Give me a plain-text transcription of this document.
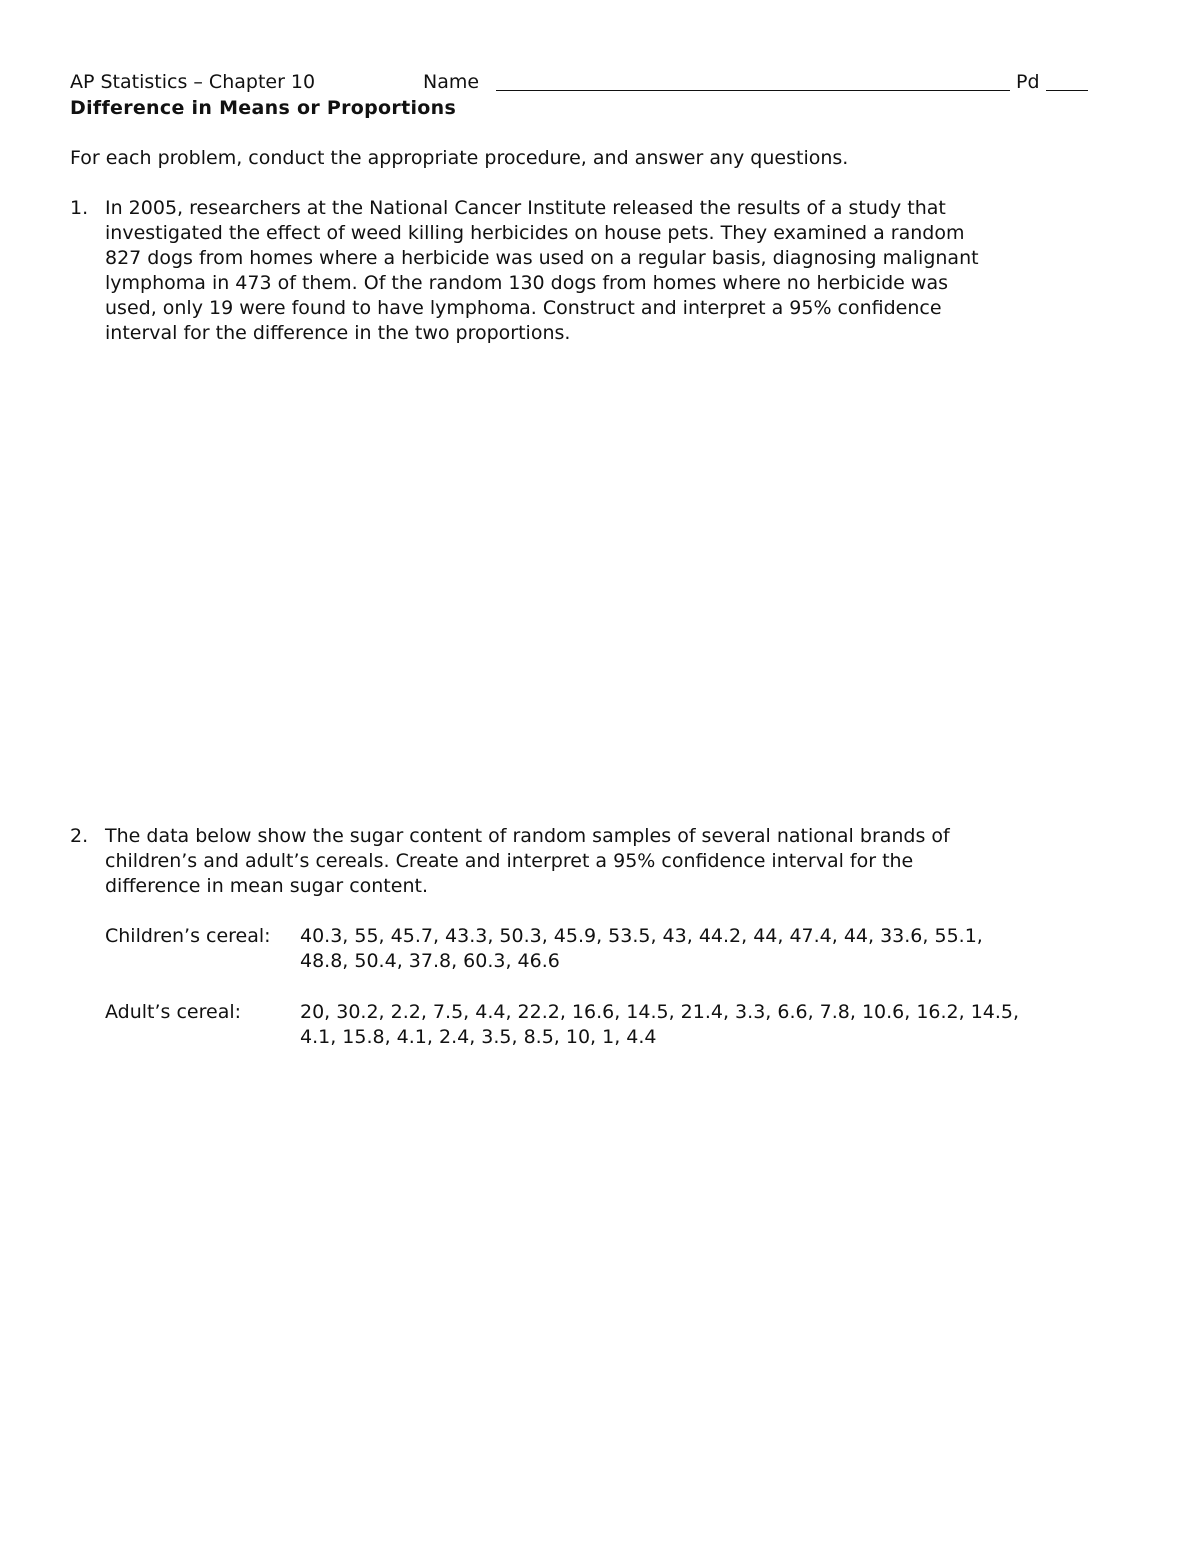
AP Statistics – Chapter 10	Name	Pd
Difference in Means or Proportions
For each problem, conduct the appropriate procedure, and answer any questions.
1. In 2005, researchers at the National Cancer Institute released the results of a study that

investigated the effect of weed killing herbicides on house pets. They examined a random

827 dogs from homes where a herbicide was used on a regular basis, diagnosing malignant

lymphoma in 473 of them. Of the random 130 dogs from homes where no herbicide was

used, only 19 were found to have lymphoma. Construct and interpret a 95% confidence

interval for the difference in the two proportions.

2. The data below show the sugar content of random samples of several national brands of

children’s and adult’s cereals. Create and interpret a 95% confidence interval for the

difference in mean sugar content.

Children’s cereal: 40.3, 55, 45.7, 43.3, 50.3, 45.9, 53.5, 43, 44.2, 44, 47.4, 44, 33.6, 55.1,

48.8, 50.4, 37.8, 60.3, 46.6

Adult’s cereal:	20, 30.2, 2.2, 7.5, 4.4, 22.2, 16.6, 14.5, 21.4, 3.3, 6.6, 7.8, 10.6, 16.2, 14.5,

4.1, 15.8, 4.1, 2.4, 3.5, 8.5, 10, 1, 4.4
